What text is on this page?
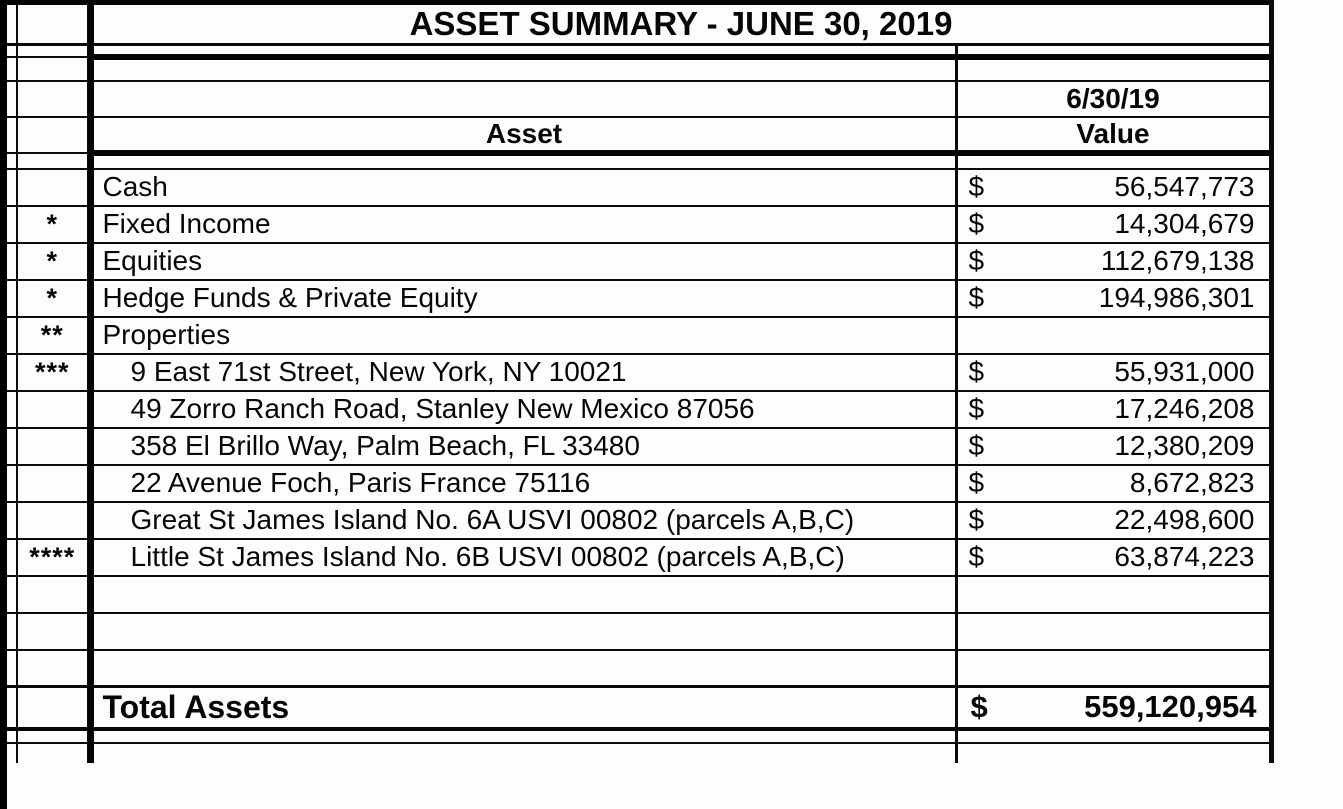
		ASSET SUMMARY - JUNE 30, 2019	

			6/30/19
		Asset	Value

		Cash	$ 56,547,773

	*	Fixed Income	$ 14,304,679

	*	Equities	$ 112,679,138

	*	Hedge Funds & Private Equity	$ 194,986,301

	**	Properties	

	***	9 East 71st Street, New York, NY 10021	$ 55,931,000

		49 Zorro Ranch Road, Stanley New Mexico 87056	$ 17,246,208

		358 El Brillo Way, Palm Beach, FL 33480	$ 12,380,209

		22 Avenue Foch, Paris France 75116	$ 8,672,823

		Great St James Island No. 6A USVI 00802 (parcels A,B,C)	$ 22,498,600

	****	Little St James Island No. 6B USVI 00802 (parcels A,B,C)	$ 63,874,223

		Total Assets	$ 559,120,954
